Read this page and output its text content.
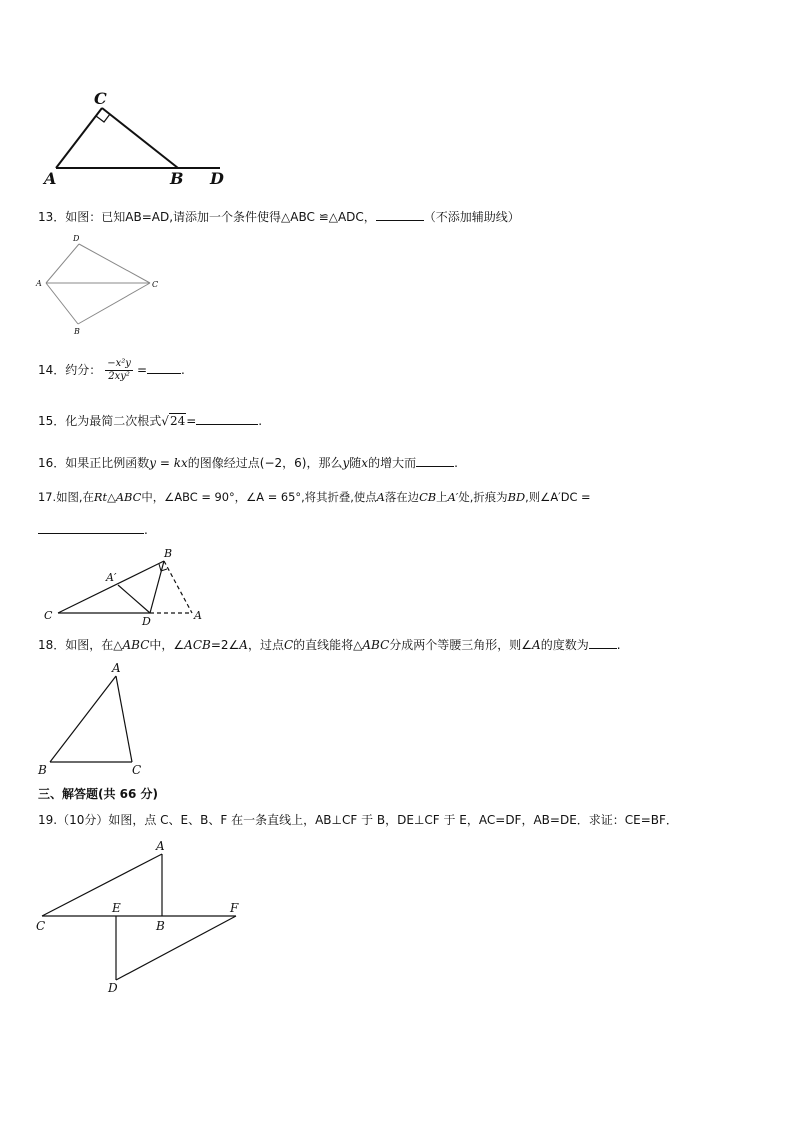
C
A	B D
13．如图：已知AB=AD,请添加一个条件使得△ABC ≌△ADC，	（不添加辅助线）
D
A	C
B
14．约分： $\frac{\text{−x²y}}{\text{2xy²}}$ =	.
15．化为最简二次根式√24=	.
16．如果正比例函数y = kx的图像经过点(−2，6)，那么y随x的增大而	.
17.如图,在Rt△ABC中，∠ABC = 90°，∠A = 65°,将其折叠,使点A落在边CB上A′处,折痕为BD,则∠A′DC =
.
B
A′
C	D	A
18．如图，在△ABC中，∠ACB=2∠A，过点C的直线能将△ABC分成两个等腰三角形，则∠A的度数为 .
A
B	C
三、解答题(共 66 分)
19.（10分）如图，点 C、E、B、F 在一条直线上，AB⊥CF 于 B，DE⊥CF 于 E，AC=DF，AB=DE．求证：CE=BF．
A
C
E
B
F
D
